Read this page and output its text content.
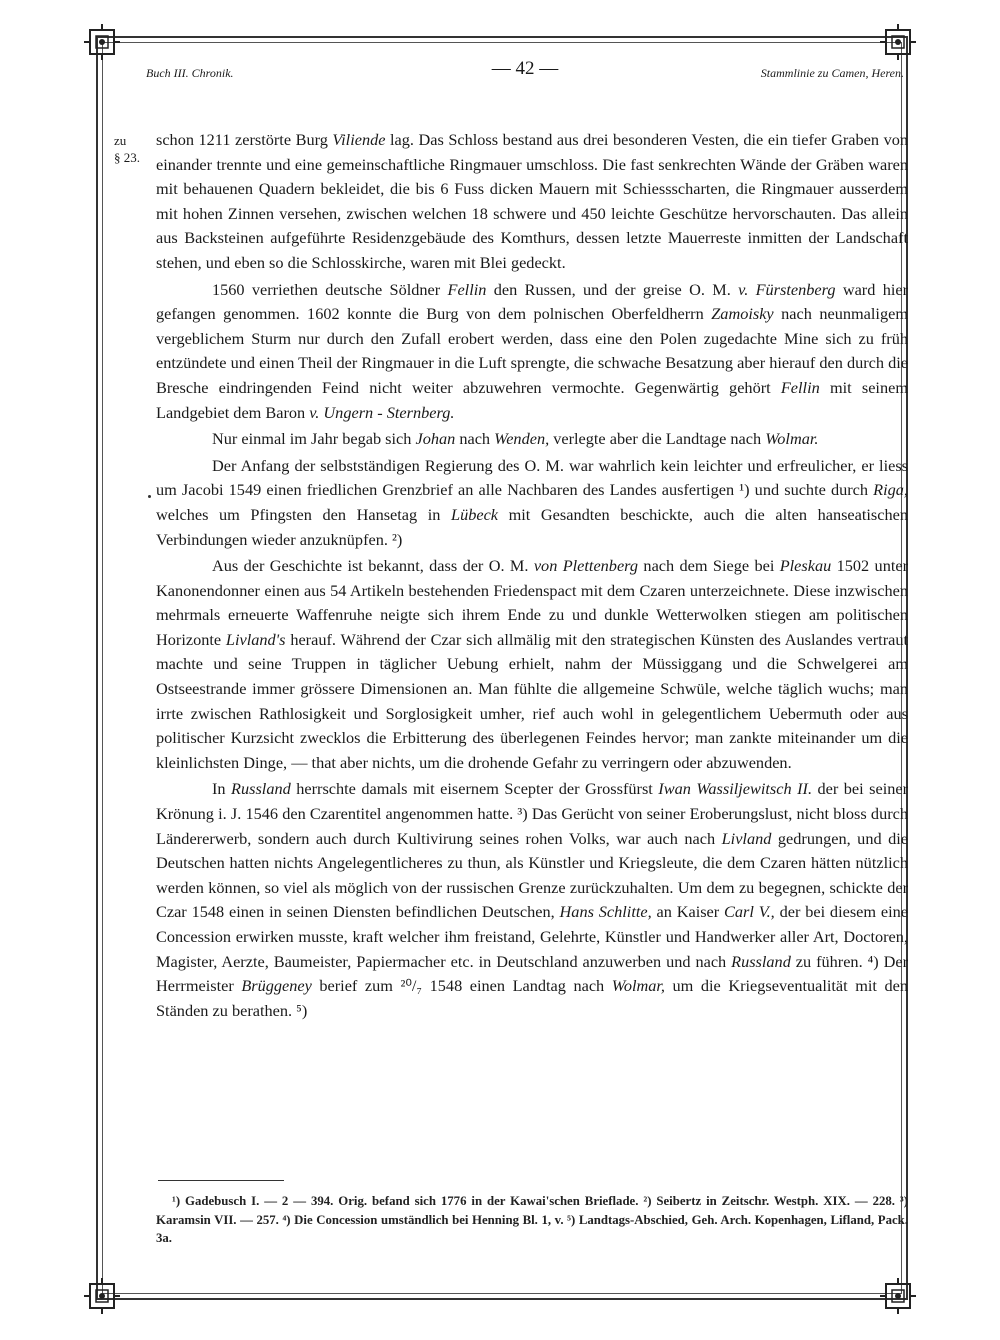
Buch III. Chronik.	— 42 —	Stammlinie zu Camen, Heren.
zu
§ 23.

schon 1211 zerstörte Burg Viliende lag. Das Schloss bestand aus drei besonderen Vesten, die ein tiefer Graben von einander trennte und eine gemeinschaftliche Ringmauer umschloss. Die fast senkrechten Wände der Gräben waren mit behauenen Quadern bekleidet, die bis 6 Fuss dicken Mauern mit Schiessscharten, die Ringmauer ausserdem mit hohen Zinnen versehen, zwischen welchen 18 schwere und 450 leichte Geschütze hervorschauten. Das allein aus Backsteinen aufgeführte Residenzgebäude des Komthurs, dessen letzte Mauerreste inmitten der Landschaft stehen, und eben so die Schlosskirche, waren mit Blei gedeckt.

1560 verriethen deutsche Söldner Fellin den Russen, und der greise O. M. v. Fürstenberg ward hier gefangen genommen. 1602 konnte die Burg von dem polnischen Oberfeldherrn Zamoisky nach neunmaligem vergeblichem Sturm nur durch den Zufall erobert werden, dass eine den Polen zugedachte Mine sich zu früh entzündete und einen Theil der Ringmauer in die Luft sprengte, die schwache Besatzung aber hierauf den durch die Bresche eindringenden Feind nicht weiter abzuwehren vermochte. Gegenwärtig gehört Fellin mit seinem Landgebiet dem Baron v. Ungern - Sternberg.

Nur einmal im Jahr begab sich Johan nach Wenden, verlegte aber die Landtage nach Wolmar.

Der Anfang der selbstständigen Regierung des O. M. war wahrlich kein leichter und erfreulicher, er liess um Jacobi 1549 einen friedlichen Grenzbrief an alle Nachbaren des Landes ausfertigen ¹) und suchte durch Riga, welches um Pfingsten den Hansetag in Lübeck mit Gesandten beschickte, auch die alten hanseatischen Verbindungen wieder anzuknüpfen. ²)

Aus der Geschichte ist bekannt, dass der O. M. von Plettenberg nach dem Siege bei Pleskau 1502 unter Kanonendonner einen aus 54 Artikeln bestehenden Friedenspact mit dem Czaren unterzeichnete. Diese inzwischen mehrmals erneuerte Waffenruhe neigte sich ihrem Ende zu und dunkle Wetterwolken stiegen am politischen Horizonte Livland's herauf. Während der Czar sich allmälig mit den strategischen Künsten des Auslandes vertraut machte und seine Truppen in täglicher Uebung erhielt, nahm der Müssiggang und die Schwelgerei am Ostseestrande immer grössere Dimensionen an. Man fühlte die allgemeine Schwüle, welche täglich wuchs; man irrte zwischen Rathlosigkeit und Sorglosigkeit umher, rief auch wohl in gelegentlichem Uebermuth oder aus politischer Kurzsicht zwecklos die Erbitterung des überlegenen Feindes hervor; man zankte miteinander um die kleinlichsten Dinge, — that aber nichts, um die drohende Gefahr zu verringern oder abzuwenden.

In Russland herrschte damals mit eisernem Scepter der Grossfürst Iwan Wassiljewitsch II. der bei seiner Krönung i. J. 1546 den Czarentitel angenommen hatte. ³) Das Gerücht von seiner Eroberungslust, nicht bloss durch Ländererwerb, sondern auch durch Kultivirung seines rohen Volks, war auch nach Livland gedrungen, und die Deutschen hatten nichts Angelegentlicheres zu thun, als Künstler und Kriegsleute, die dem Czaren hätten nützlich werden können, so viel als möglich von der russischen Grenze zurückzuhalten. Um dem zu begegnen, schickte der Czar 1548 einen in seinen Diensten befindlichen Deutschen, Hans Schlitte, an Kaiser Carl V., der bei diesem eine Concession erwirken musste, kraft welcher ihm freistand, Gelehrte, Künstler und Handwerker aller Art, Doctoren, Magister, Aerzte, Baumeister, Papiermacher etc. in Deutschland anzuwerben und nach Russland zu führen. ⁴) Der Herrmeister Brüggeney berief zum ²⁰/₇ 1548 einen Landtag nach Wolmar, um die Kriegseventualität mit den Ständen zu berathen. ⁵)

¹) Gadebusch I. — 2 — 394. Orig. befand sich 1776 in der Kawai'schen Brieflade. ²) Seibertz in Zeitschr. Westph. XIX. — 228. ³) Karamsin VII. — 257. ⁴) Die Concession umständlich bei Henning Bl. 1, v. ⁵) Landtags-Abschied, Geh. Arch. Kopenhagen, Lifland, Pack. 3a.
